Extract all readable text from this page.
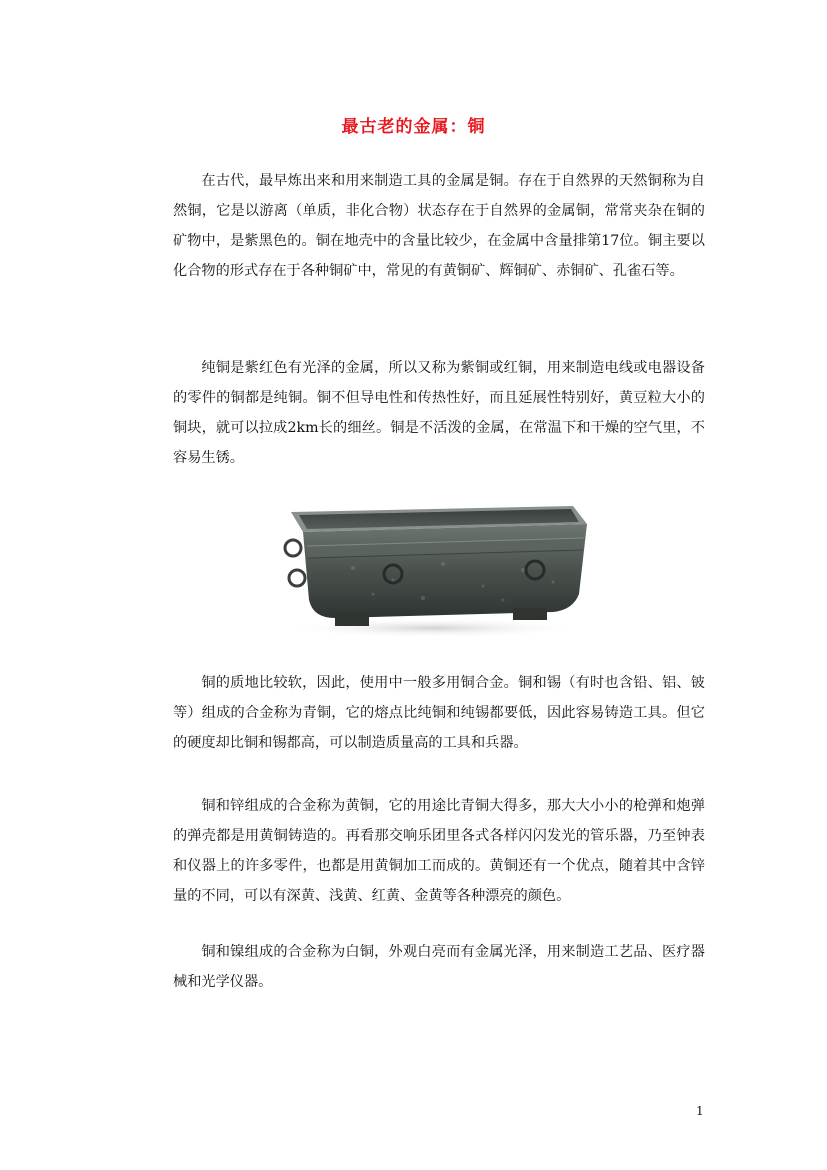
最古老的金属：铜

在古代，最早炼出来和用来制造工具的金属是铜。存在于自然界的天然铜称为自然铜，它是以游离（单质，非化合物）状态存在于自然界的金属铜，常常夹杂在铜的矿物中，是紫黑色的。铜在地壳中的含量比较少，在金属中含量排第17位。铜主要以化合物的形式存在于各种铜矿中，常见的有黄铜矿、辉铜矿、赤铜矿、孔雀石等。

纯铜是紫红色有光泽的金属，所以又称为紫铜或红铜，用来制造电线或电器设备的零件的铜都是纯铜。铜不但导电性和传热性好，而且延展性特别好，黄豆粒大小的铜块，就可以拉成2km长的细丝。铜是不活泼的金属，在常温下和干燥的空气里，不容易生锈。

铜的质地比较软，因此，使用中一般多用铜合金。铜和锡（有时也含铅、铝、铍等）组成的合金称为青铜，它的熔点比纯铜和纯锡都要低，因此容易铸造工具。但它的硬度却比铜和锡都高，可以制造质量高的工具和兵器。

铜和锌组成的合金称为黄铜，它的用途比青铜大得多，那大大小小的枪弹和炮弹的弹壳都是用黄铜铸造的。再看那交响乐团里各式各样闪闪发光的管乐器，乃至钟表和仪器上的许多零件，也都是用黄铜加工而成的。黄铜还有一个优点，随着其中含锌量的不同，可以有深黄、浅黄、红黄、金黄等各种漂亮的颜色。

铜和镍组成的合金称为白铜，外观白亮而有金属光泽，用来制造工艺品、医疗器械和光学仪器。

1
